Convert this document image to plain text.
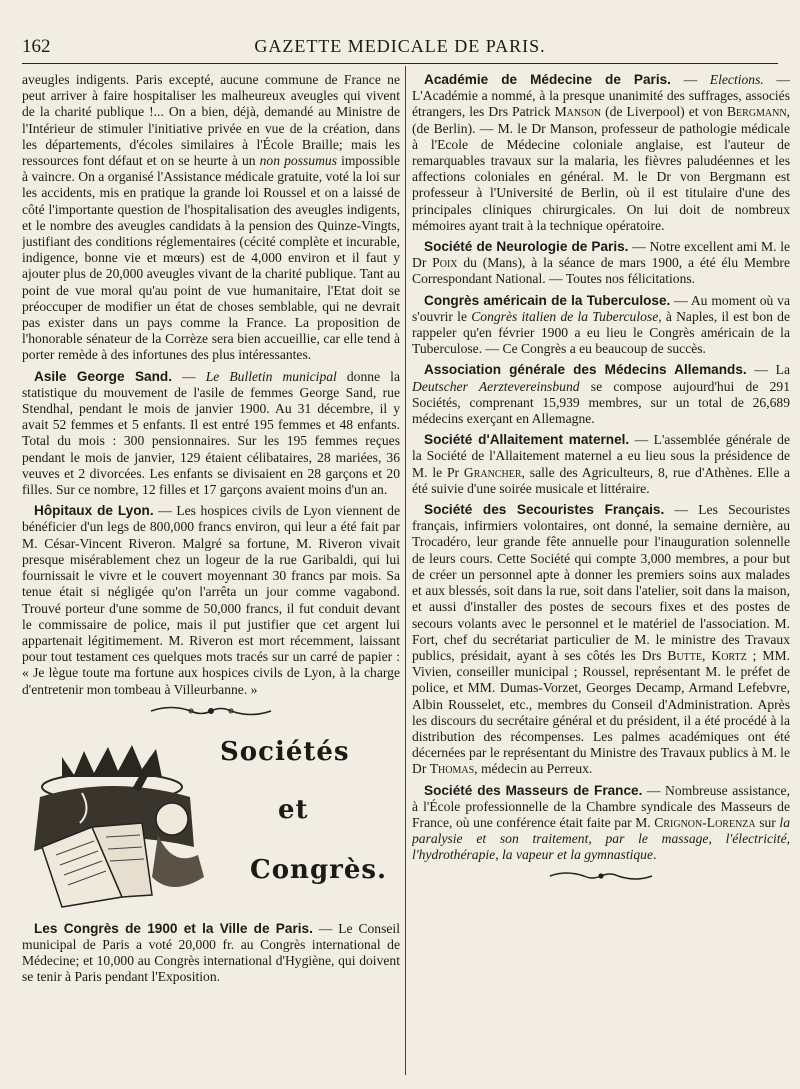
162	GAZETTE MEDICALE DE PARIS.

aveugles indigents. Paris excepté, aucune commune de France ne peut arriver à faire hospitaliser les malheureux aveugles qui vivent de la charité publique !... On a bien, déjà, demandé au Ministre de l'Intérieur de stimuler l'initiative privée en vue de la création, dans les départements, d'écoles similaires à l'École Braille; mais les ressources font défaut et on se heurte à un non possumus impossible à vaincre. On a organisé l'Assistance médicale gratuite, voté la loi sur les accidents, mis en pratique la grande loi Roussel et on a laissé de côté l'importante question de l'hospitalisation des aveugles indigents, et le nombre des aveugles candidats à la pension des Quinze-Vingts, justifiant des conditions réglementaires (cécité complète et incurable, indigence, bonne vie et mœurs) est de 4,000 environ et il faut y ajouter plus de 20,000 aveugles vivant de la charité publique. Tant au point de vue moral qu'au point de vue humanitaire, l'Etat doit se préoccuper de modifier un état de choses semblable, qui ne devrait pas exister dans un pays comme la France. La proposition de l'honorable sénateur de la Corrèze sera bien accueillie, car elle tend à porter remède à des infortunes des plus intéressantes.

Asile George Sand. — Le Bulletin municipal donne la statistique du mouvement de l'asile de femmes George Sand, rue Stendhal, pendant le mois de janvier 1900. Au 31 décembre, il y avait 52 femmes et 5 enfants. Il est entré 195 femmes et 48 enfants. Total du mois : 300 pensionnaires. Sur les 195 femmes reçues pendant le mois de janvier, 129 étaient célibataires, 28 mariées, 36 veuves et 2 divorcées. Les enfants se divisaient en 28 garçons et 20 filles. Sur ce nombre, 12 filles et 17 garçons avaient moins d'un an.

Hôpitaux de Lyon. — Les hospices civils de Lyon viennent de bénéficier d'un legs de 800,000 francs environ, qui leur a été fait par M. César-Vincent Riveron. Malgré sa fortune, M. Riveron vivait presque misérablement chez un logeur de la rue Garibaldi, qui lui fournissait le vivre et le couvert moyennant 30 francs par mois. Sa tenue était si négligée qu'on l'arrêta un jour comme vagabond. Trouvé porteur d'une somme de 50,000 francs, il fut conduit devant le commissaire de police, mais il put justifier que cet argent lui appartenait légitimement. M. Riveron est mort récemment, laissant pour tout testament ces quelques mots tracés sur un carré de papier : « Je lègue toute ma fortune aux hospices civils de Lyon, à la charge d'entretenir mon tombeau à Villeurbanne. »

Sociétés
et
Congrès.

Les Congrès de 1900 et la Ville de Paris. — Le Conseil municipal de Paris a voté 20,000 fr. au Congrès international de Médecine; et 10,000 au Congrès international d'Hygiène, qui doivent se tenir à Paris pendant l'Exposition.

Académie de Médecine de Paris. — Elections. — L'Académie a nommé, à la presque unanimité des suffrages, associés étrangers, les Drs Patrick Manson (de Liverpool) et von Bergmann, (de Berlin). — M. le Dr Manson, professeur de pathologie médicale à l'Ecole de Médecine coloniale anglaise, est l'auteur de remarquables travaux sur la malaria, les fièvres paludéennes et les affections coloniales en général. M. le Dr von Bergmann est professeur à l'Université de Berlin, où il est titulaire d'une des principales cliniques chirurgicales. On lui doit de nombreux mémoires ayant trait à la technique opératoire.

Société de Neurologie de Paris. — Notre excellent ami M. le Dr Poix du (Mans), à la séance de mars 1900, a été élu Membre Correspondant National. — Toutes nos félicitations.

Congrès américain de la Tuberculose. — Au moment où va s'ouvrir le Congrès italien de la Tuberculose, à Naples, il est bon de rappeler qu'en février 1900 a eu lieu le Congrès américain de la Tuberculose. — Ce Congrès a eu beaucoup de succès.

Association générale des Médecins Allemands. — La Deutscher Aerztevereinsbund se compose aujourd'hui de 291 Sociétés, comprenant 15,939 membres, sur un total de 26,689 médecins exerçant en Allemagne.

Société d'Allaitement maternel. — L'assemblée générale de la Société de l'Allaitement maternel a eu lieu sous la présidence de M. le Pr Grancher, salle des Agriculteurs, 8, rue d'Athènes. Elle a été suivie d'une soirée musicale et littéraire.

Société des Secouristes Français. — Les Secouristes français, infirmiers volontaires, ont donné, la semaine dernière, au Trocadéro, leur grande fête annuelle pour l'inauguration solennelle de leurs cours. Cette Société qui compte 3,000 membres, a pour but de créer un personnel apte à donner les premiers soins aux malades et aux blessés, soit dans la rue, soit dans l'atelier, soit dans la maison, et aussi d'installer des postes de secours fixes et des postes de secours volants avec le personnel et le matériel de l'association. M. Fort, chef du secrétariat particulier de M. le ministre des Travaux publics, présidait, ayant à ses côtés les Drs Butte, Kortz ; MM. Vivien, conseiller municipal ; Roussel, représentant M. le préfet de police, et MM. Dumas-Vorzet, Georges Decamp, Armand Lefebvre, Albin Rousselet, etc., membres du Conseil d'Administration. Après les discours du secrétaire général et du président, il a été procédé à la distribution des récompenses. Les palmes académiques ont été décernées par le représentant du Ministre des Travaux publics à M. le Dr Thomas, médecin au Perreux.

Société des Masseurs de France. — Nombreuse assistance, à l'École professionnelle de la Chambre syndicale des Masseurs de France, où une conférence était faite par M. Crignon-Lorenza sur la paralysie et son traitement, par le massage, l'électricité, l'hydrothérapie, la vapeur et la gymnastique.
